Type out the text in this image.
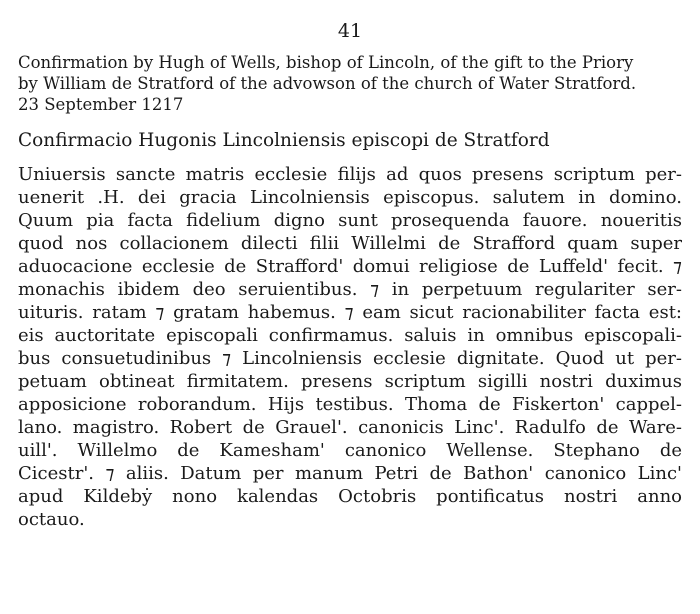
41

Confirmation by Hugh of Wells, bishop of Lincoln, of the gift to the Priory
by William de Stratford of the advowson of the church of Water Stratford.
23 September 1217

Confirmacio Hugonis Lincolniensis episcopi de Stratford

Uniuersis sancte matris ecclesie filijs ad quos presens scriptum per-
uenerit .H. dei gracia Lincolniensis episcopus. salutem in domino.
Quum pia facta fidelium digno sunt prosequenda fauore. noueritis
quod nos collacionem dilecti filii Willelmi de Strafford quam super
aduocacione ecclesie de Strafford' domui religiose de Luffeld' fecit. ⁊
monachis ibidem deo seruientibus. ⁊ in perpetuum regulariter ser-
uituris. ratam ⁊ gratam habemus. ⁊ eam sicut racionabiliter facta est:
eis auctoritate episcopali confirmamus. saluis in omnibus episcopali-
bus consuetudinibus ⁊ Lincolniensis ecclesie dignitate. Quod ut per-
petuam obtineat firmitatem. presens scriptum sigilli nostri duximus
apposicione roborandum. Hijs testibus. Thoma de Fiskerton' cappel-
lano. magistro. Robert de Grauel'. canonicis Linc'. Radulfo de Ware-
uill'. Willelmo de Kamesham' canonico Wellense. Stephano de
Cicestr'. ⁊ aliis. Datum per manum Petri de Bathon' canonico Linc'
apud Kildebẏ nono kalendas Octobris pontificatus nostri anno
octauo.
